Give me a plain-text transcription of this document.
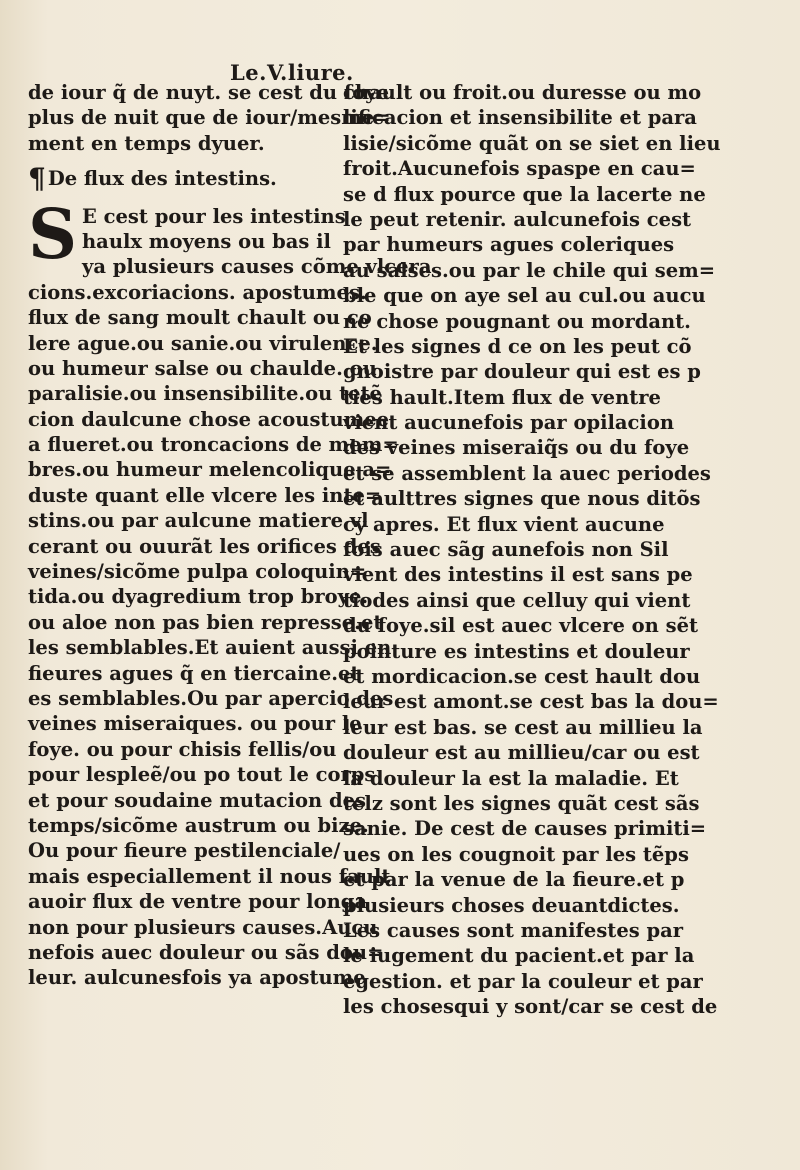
Le.V.liure.
de iour q̃ de nuyt. se cest du foye
plus de nuit que de iour/mesme=
ment en temps dyuer.
¶ De flux des intestins.
S E cest pour les intestins
haulx moyens ou bas il
ya plusieurs causes cõme vlcera
cions.excoriacions. apostumes.
flux de sang moult chault ou co
lere ague.ou sanie.ou virulence.
ou humeur salse ou chaulde. ou
paralisie.ou insensibilite.ou tetẽ
cion daulcune chose acoustumee
a flueret.ou troncacions de mem=
bres.ou humeur melencolique a=
duste quant elle vlcere les inte=
stins.ou par aulcune matiere vl
cerant ou ouurãt les orifices des
veines/sicõme pulpa coloquin=
tida.ou dyagredium trop broye.
ou aloe non pas bien represse.et
les semblables.Et auient aussi en
fieures agues q̃ en tiercaine.et
es semblables.Ou par apercio des
veines miseraiques. ou pour le
foye. ou pour chisis fellis/ou
pour lespleẽ/ou po tout le corps
et pour soudaine mutacion des
temps/sicõme austrum ou bize.
Ou pour fieure pestilenciale/
mais especiallement il nous fault
auoir flux de ventre pour longa
non pour plusieurs causes.Aucu
nefois auec douleur ou sãs dou=
leur. aulcunesfois ya apostume
chault ou froit.ou duresse ou mo
lificacion et insensibilite et para
lisie/sicõme quãt on se siet en lieu
froit.Aucunefois spaspe en cau=
se d flux pource que la lacerte ne
le peut retenir. aulcunefois cest
par humeurs agues coleriques
au salses.ou par le chile qui sem=
ble que on aye sel au cul.ou aucu
ne chose pougnant ou mordant.
Et les signes d ce on les peut cõ
gnoistre par douleur qui est es p
ties hault.Item flux de ventre
vient aucunefois par opilacion
des veines miseraiq̃s ou du foye
et se assemblent la auec periodes
et aulttres signes que nous ditõs
cy apres. Et flux vient aucune
fois auec sãg aunefois non Sil
vient des intestins il est sans pe
tiodes ainsi que celluy qui vient
du foye.sil est auec vlcere on sẽt
pointure es intestins et douleur
et mordicacion.se cest hault dou
leur est amont.se cest bas la dou=
leur est bas. se cest au millieu la
douleur est au millieu/car ou est
la douleur la est la maladie. Et
telz sont les signes quãt cest sãs
sanie. De cest de causes primiti=
ues on les cougnoit par les tẽps
et par la venue de la fieure.et p
plusieurs choses deuantdictes.
Les causes sont manifestes par
le iugement du pacient.et par la
egestion. et par la couleur et par
les chosesqui y sont/car se cest de
